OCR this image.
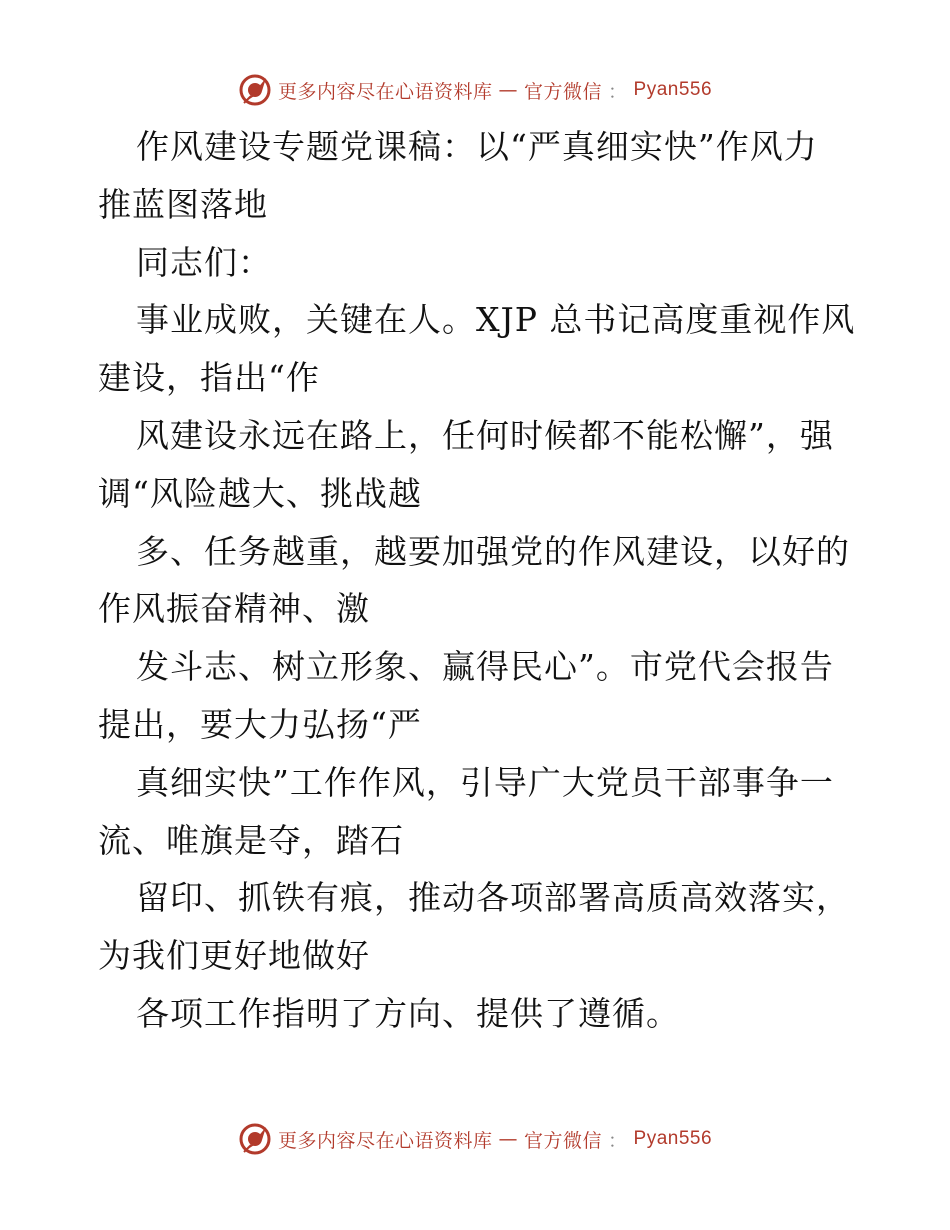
更多内容尽在心语资料库 — 官方微信 ： Pyan556
作风建设专题党课稿：以“严真细实快”作风力
推蓝图落地
同志们：
事业成败，关键在人。XJP 总书记高度重视作风
建设，指出“作
风建设永远在路上，任何时候都不能松懈”，强
调“风险越大、挑战越
多、任务越重，越要加强党的作风建设，以好的
作风振奋精神、激
发斗志、树立形象、赢得民心”。市党代会报告
提出，要大力弘扬“严
真细实快”工作作风，引导广大党员干部事争一
流、唯旗是夺，踏石
留印、抓铁有痕，推动各项部署高质高效落实，
为我们更好地做好
各项工作指明了方向、提供了遵循。
更多内容尽在心语资料库 — 官方微信 ： Pyan556
